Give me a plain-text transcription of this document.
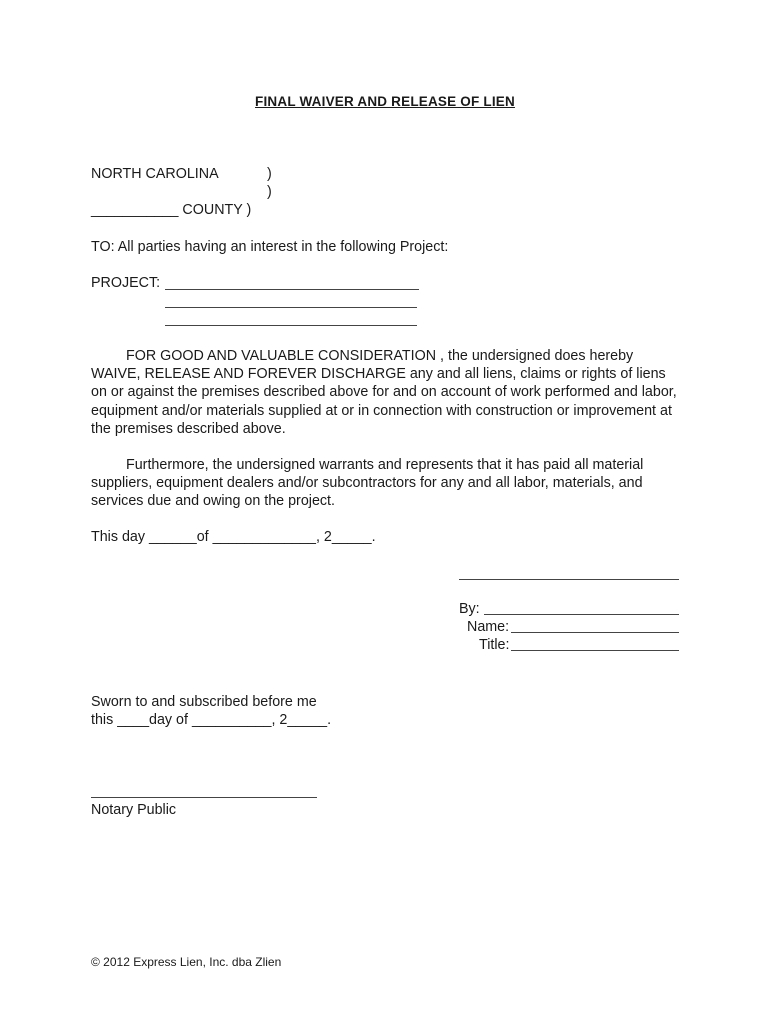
FINAL WAIVER AND RELEASE OF LIEN
NORTH CAROLINA	)
)
___________ COUNTY )
TO: All parties having an interest in the following Project:
PROJECT:
FOR GOOD AND VALUABLE CONSIDERATION , the undersigned does hereby WAIVE, RELEASE AND FOREVER DISCHARGE any and all liens, claims or rights of liens on or against the premises described above for and on account of work performed and labor, equipment and/or materials supplied at or in connection with construction or improvement at the premises described above.
Furthermore, the undersigned warrants and represents that it has paid all material suppliers, equipment dealers and/or subcontractors for any and all labor, materials, and services due and owing on the project.
This day ______of _____________, 2_____.
By:
Name:
Title:
Sworn to and subscribed before me
this ____day of __________, 2_____.
Notary Public
© 2012 Express Lien, Inc. dba Zlien
